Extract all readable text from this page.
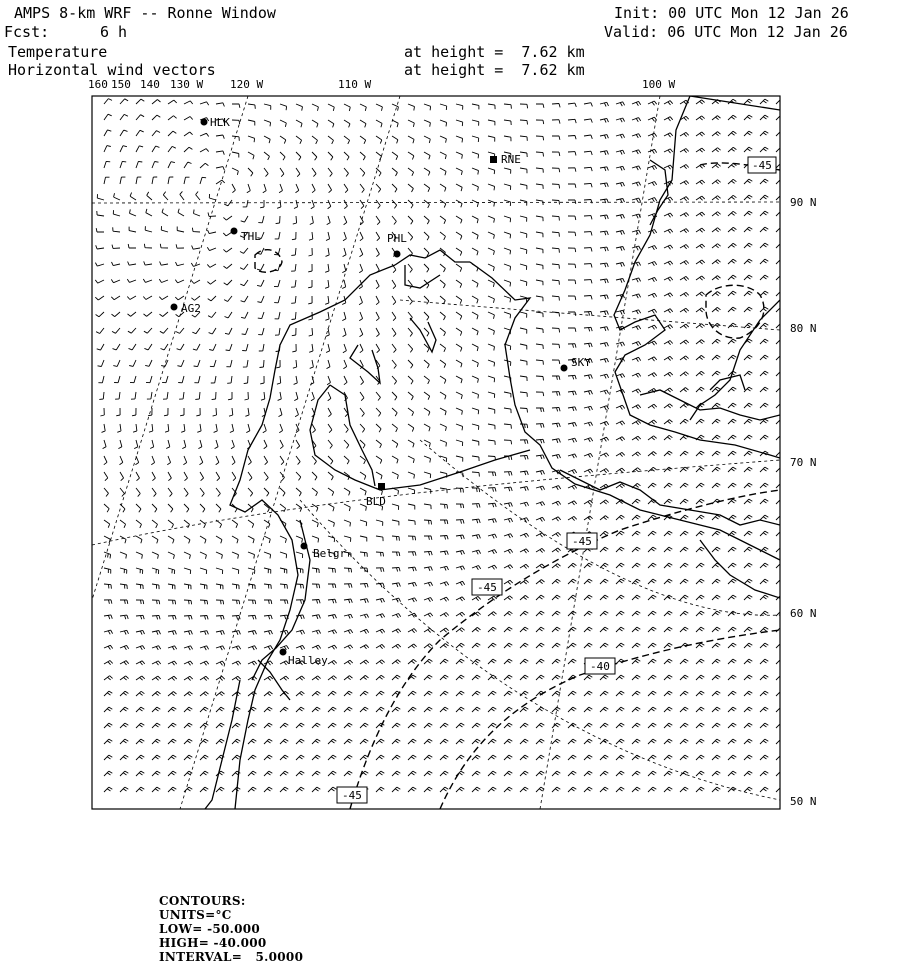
AMPS 8-km WRF -- Ronne Window
Fcst:	6 h
Temperature
Horizontal wind vectors
at height =  7.62 km
at height =  7.62 km
Init: 00 UTC Mon 12 Jan 26
Valid: 06 UTC Mon 12 Jan 26
160 150 140 130 W 120 W	110 W	100 W
90 N
80 N
70 N
60 N
50 N
HLK
RNE
THL	PHL
AG2
SKY
BLD
Belgr
Halley
-45
-45
-45
-40
-45

CONTOURS:
UNITS=°C
LOW= -50.000
HIGH= -40.000
INTERVAL=   5.0000
